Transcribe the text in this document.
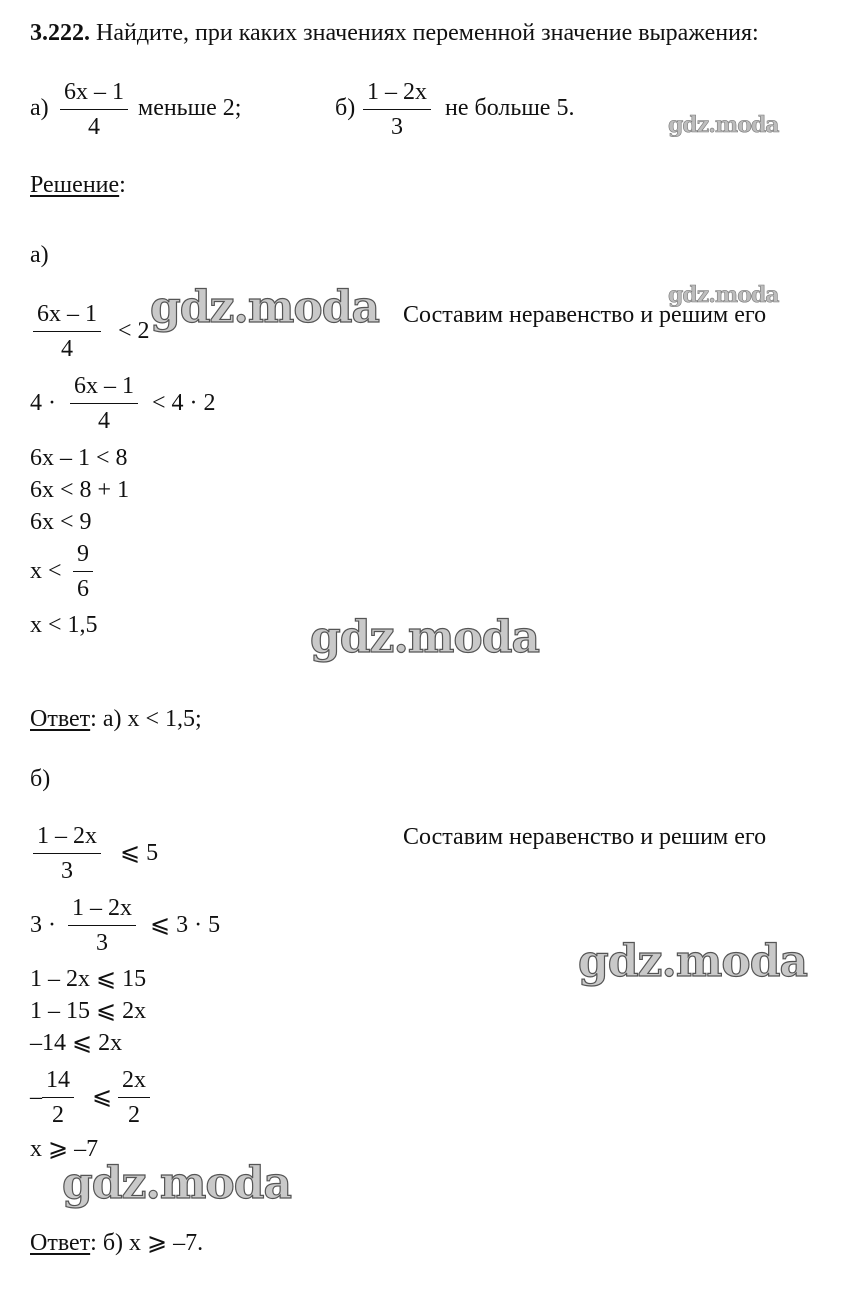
3.222. Найдите, при каких значениях переменной значение выражения:
$а) \frac{6x - 1}{4}$ меньше 2;	$б) \frac{1 - 2x}{3}$ не больше 5.
Решение:
а)
$\frac{6x - 1}{4} < 2$
Составим неравенство и решим его
$4 \cdot \frac{6x - 1}{4} < 4 \cdot 2$
6x – 1 < 8
6x < 8 + 1
6x < 9
$x < \frac{9}{6}$
x < 1,5
Ответ: а) x < 1,5;
б)
$\frac{1 - 2x}{3}$ ⩽ 5
Составим неравенство и решим его
$3 \cdot \frac{1 - 2x}{3}$ ⩽ 3 · 5
1 – 2x ⩽ 15
1 – 15 ⩽ 2x
–14 ⩽ 2x
– $\frac{14}{2}$ ⩽ $\frac{2x}{2}$
x ⩾ –7
Ответ: б) x ⩾ –7.
gdz.moda
gdz.moda	gdz.moda
gdz.moda
gdz.moda
gdz.moda
